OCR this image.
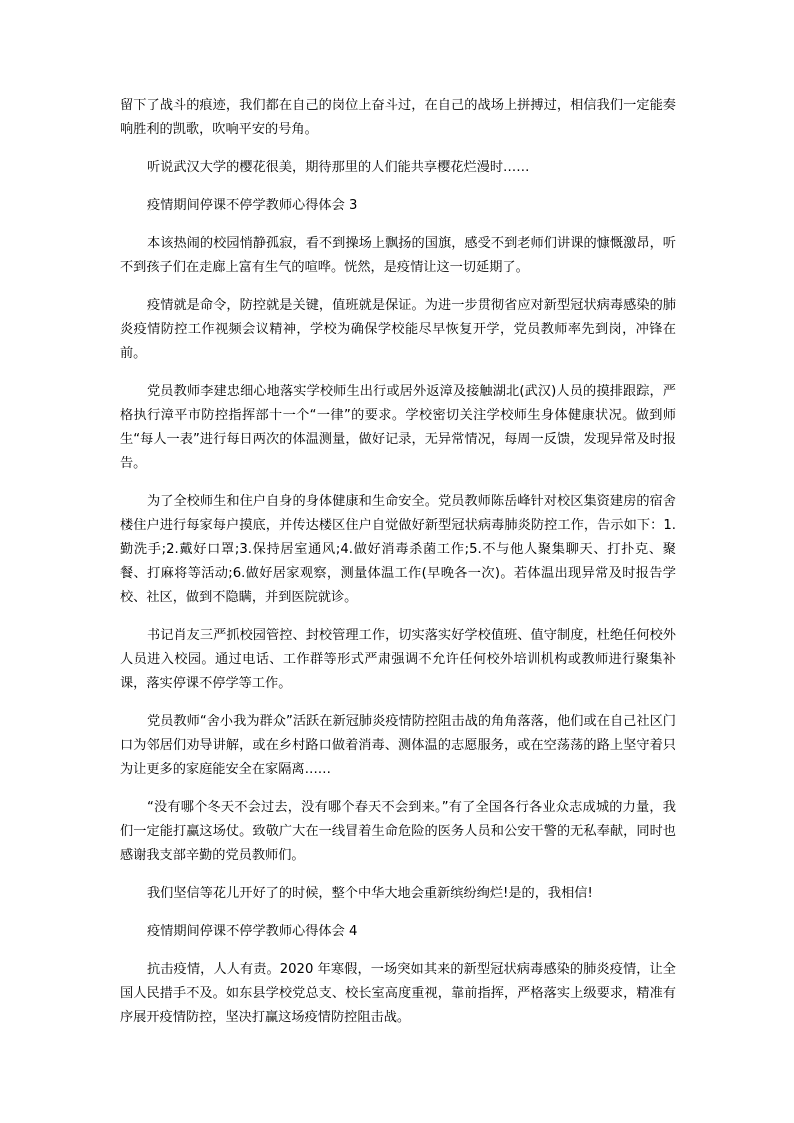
留下了战斗的痕迹，我们都在自己的岗位上奋斗过，在自己的战场上拼搏过，相信我们一定能奏响胜利的凯歌，吹响平安的号角。

听说武汉大学的樱花很美，期待那里的人们能共享樱花烂漫时……

疫情期间停课不停学教师心得体会 3

本该热闹的校园悄静孤寂，看不到操场上飘扬的国旗，感受不到老师们讲课的慷慨激昂，听不到孩子们在走廊上富有生气的喧哗。恍然，是疫情让这一切延期了。

疫情就是命令，防控就是关键，值班就是保证。为进一步贯彻省应对新型冠状病毒感染的肺炎疫情防控工作视频会议精神，学校为确保学校能尽早恢复开学，党员教师率先到岗，冲锋在前。

党员教师李建忠细心地落实学校师生出行或居外返漳及接触湖北(武汉)人员的摸排跟踪，严格执行漳平市防控指挥部十一个“一律”的要求。学校密切关注学校师生身体健康状况。做到师生“每人一表”进行每日两次的体温测量，做好记录，无异常情况，每周一反馈，发现异常及时报告。

为了全校师生和住户自身的身体健康和生命安全。党员教师陈岳峰针对校区集资建房的宿舍楼住户进行每家每户摸底，并传达楼区住户自觉做好新型冠状病毒肺炎防控工作，告示如下：1.勤洗手;2.戴好口罩;3.保持居室通风;4.做好消毒杀菌工作;5.不与他人聚集聊天、打扑克、聚餐、打麻将等活动;6.做好居家观察，测量体温工作(早晚各一次)。若体温出现异常及时报告学校、社区，做到不隐瞒，并到医院就诊。

书记肖友三严抓校园管控、封校管理工作，切实落实好学校值班、值守制度，杜绝任何校外人员进入校园。通过电话、工作群等形式严肃强调不允许任何校外培训机构或教师进行聚集补课，落实停课不停学等工作。

党员教师“舍小我为群众”活跃在新冠肺炎疫情防控阻击战的角角落落，他们或在自己社区门口为邻居们劝导讲解，或在乡村路口做着消毒、测体温的志愿服务，或在空荡荡的路上坚守着只为让更多的家庭能安全在家隔离……

“没有哪个冬天不会过去，没有哪个春天不会到来。”有了全国各行各业众志成城的力量，我们一定能打赢这场仗。致敬广大在一线冒着生命危险的医务人员和公安干警的无私奉献，同时也感谢我支部辛勤的党员教师们。

我们坚信等花儿开好了的时候，整个中华大地会重新缤纷绚烂!是的，我相信!

疫情期间停课不停学教师心得体会 4

抗击疫情，人人有责。2020 年寒假，一场突如其来的新型冠状病毒感染的肺炎疫情，让全国人民措手不及。如东县学校党总支、校长室高度重视，靠前指挥，严格落实上级要求，精准有序展开疫情防控，坚决打赢这场疫情防控阻击战。
